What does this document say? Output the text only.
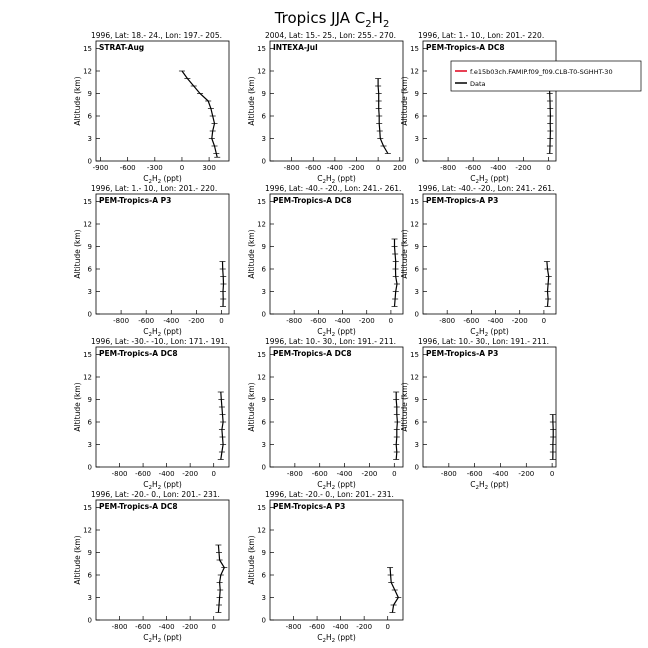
Tropics JJA $C_2H_2$
1996, Lat: 18.- 24., Lon: 197.- 205.
STRAT-Aug
0
3
6
9
12
15
-900 -600 -300 0	300
Altitude (km)
$C_2H_2$ (ppt)
2004, Lat: 15.- 25., Lon: 255.- 270.
INTEXA-Jul
0
3
6
9
12
15
-800 -600 -400 -200 0 200
Altitude (km)
$C_2H_2$ (ppt)
1996, Lat: 1.- 10., Lon: 201.- 220.
PEM-Tropics-A DC8
0
3
6
9
12
15
-800 -600 -400 -200 0
Altitude (km)
$C_2H_2$ (ppt)
1996, Lat: 1.- 10., Lon: 201.- 220.
PEM-Tropics-A P3
0
3
6
9
12
15
-800 -600 -400 -200 0
Altitude (km)
$C_2H_2$ (ppt)
1996, Lat: -40.- -20., Lon: 241.- 261.
PEM-Tropics-A DC8
0
3
6
9
12
15
-800 -600 -400 -200 0
Altitude (km)
$C_2H_2$ (ppt)
1996, Lat: -40.- -20., Lon: 241.- 261.
PEM-Tropics-A P3
0
3
6
9
12
15
-800 -600 -400 -200 0
Altitude (km)
$C_2H_2$ (ppt)
1996, Lat: -30.- -10., Lon: 171.- 191.
PEM-Tropics-A DC8
0
3
6
9
12
15
-800 -600 -400 -200 0
Altitude (km)
$C_2H_2$ (ppt)
1996, Lat: 10.- 30., Lon: 191.- 211.
PEM-Tropics-A DC8
0
3
6
9
12
15
-800 -600 -400 -200 0
Altitude (km)
$C_2H_2$ (ppt)
1996, Lat: 10.- 30., Lon: 191.- 211.
PEM-Tropics-A P3
0
3
6
9
12
15
-800 -600 -400 -200 0
Altitude (km)
$C_2H_2$ (ppt)
1996, Lat: -20.- 0., Lon: 201.- 231.
PEM-Tropics-A DC8
0
3
6
9
12
15
-800 -600 -400 -200 0
Altitude (km)
$C_2H_2$ (ppt)
1996, Lat: -20.- 0., Lon: 201.- 231.
PEM-Tropics-A P3
0
3
6
9
12
15
-800 -600 -400 -200 0
Altitude (km)
$C_2H_2$ (ppt)
f.e15b03ch.FAMIP.f09_f09.CLB-T0-SGHHT-30
Data
